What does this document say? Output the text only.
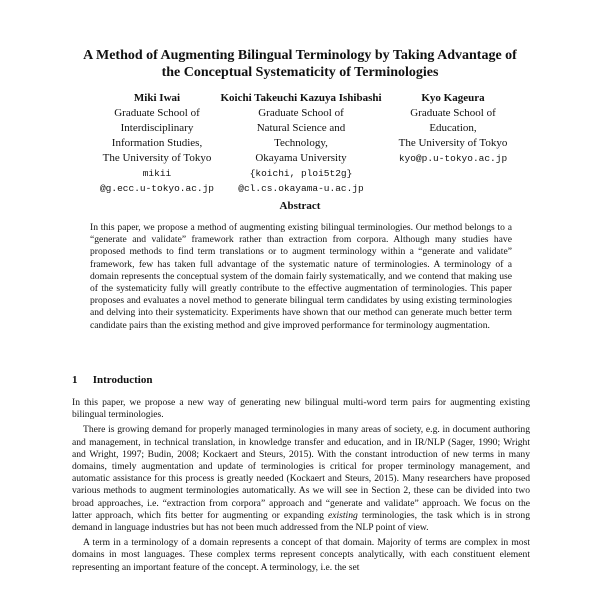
A Method of Augmenting Bilingual Terminology by Taking Advantage of
the Conceptual Systematicity of Terminologies
Miki Iwai
Graduate School of
Interdisciplinary
Information Studies,
The University of Tokyo
mikii
@g.ecc.u-tokyo.ac.jp
Koichi Takeuchi Kazuya Ishibashi
Graduate School of
Natural Science and
Technology,
Okayama University
{koichi, ploi5t2g}
@cl.cs.okayama-u.ac.jp
Kyo Kageura
Graduate School of
Education,
The University of Tokyo
kyo@p.u-tokyo.ac.jp
Abstract
In this paper, we propose a method of augmenting existing bilingual terminologies. Our method belongs to a “generate and validate” framework rather than extraction from corpora. Although many studies have proposed methods to find term translations or to augment terminology within a “generate and validate” framework, few has taken full advantage of the systematic nature of terminologies. A terminology of a domain represents the conceptual system of the domain fairly systematically, and we contend that making use of the systematicity fully will greatly contribute to the effective augmentation of terminologies. This paper proposes and evaluates a novel method to generate bilingual term candidates by using existing terminologies and delving into their systematicity. Experiments have shown that our method can generate much better term candidate pairs than the existing method and give improved performance for terminology augmentation.
1 Introduction

In this paper, we propose a new way of generating new bilingual multi-word term pairs for augmenting existing bilingual terminologies.

There is growing demand for properly managed terminologies in many areas of society, e.g. in document authoring and management, in technical translation, in knowledge transfer and education, and in IR/NLP (Sager, 1990; Wright and Wright, 1997; Budin, 2008; Kockaert and Steurs, 2015). With the constant introduction of new terms in many domains, timely augmentation and update of terminologies is critical for proper terminology management, and automatic assistance for this process is greatly needed (Kockaert and Steurs, 2015). Many researchers have proposed various methods to augment terminologies automatically. As we will see in Section 2, these can be divided into two broad approaches, i.e. “extraction from corpora” approach and “generate and validate” approach. We focus on the latter approach, which fits better for augmenting or expanding existing terminologies, the task which is in strong demand in language industries but has not been much addressed from the NLP point of view.

A term in a terminology of a domain represents a concept of that domain. Majority of terms are complex in most domains in most languages. These complex terms represent concepts analytically, with each constituent element representing an important feature of the concept. A terminology, i.e. the set
